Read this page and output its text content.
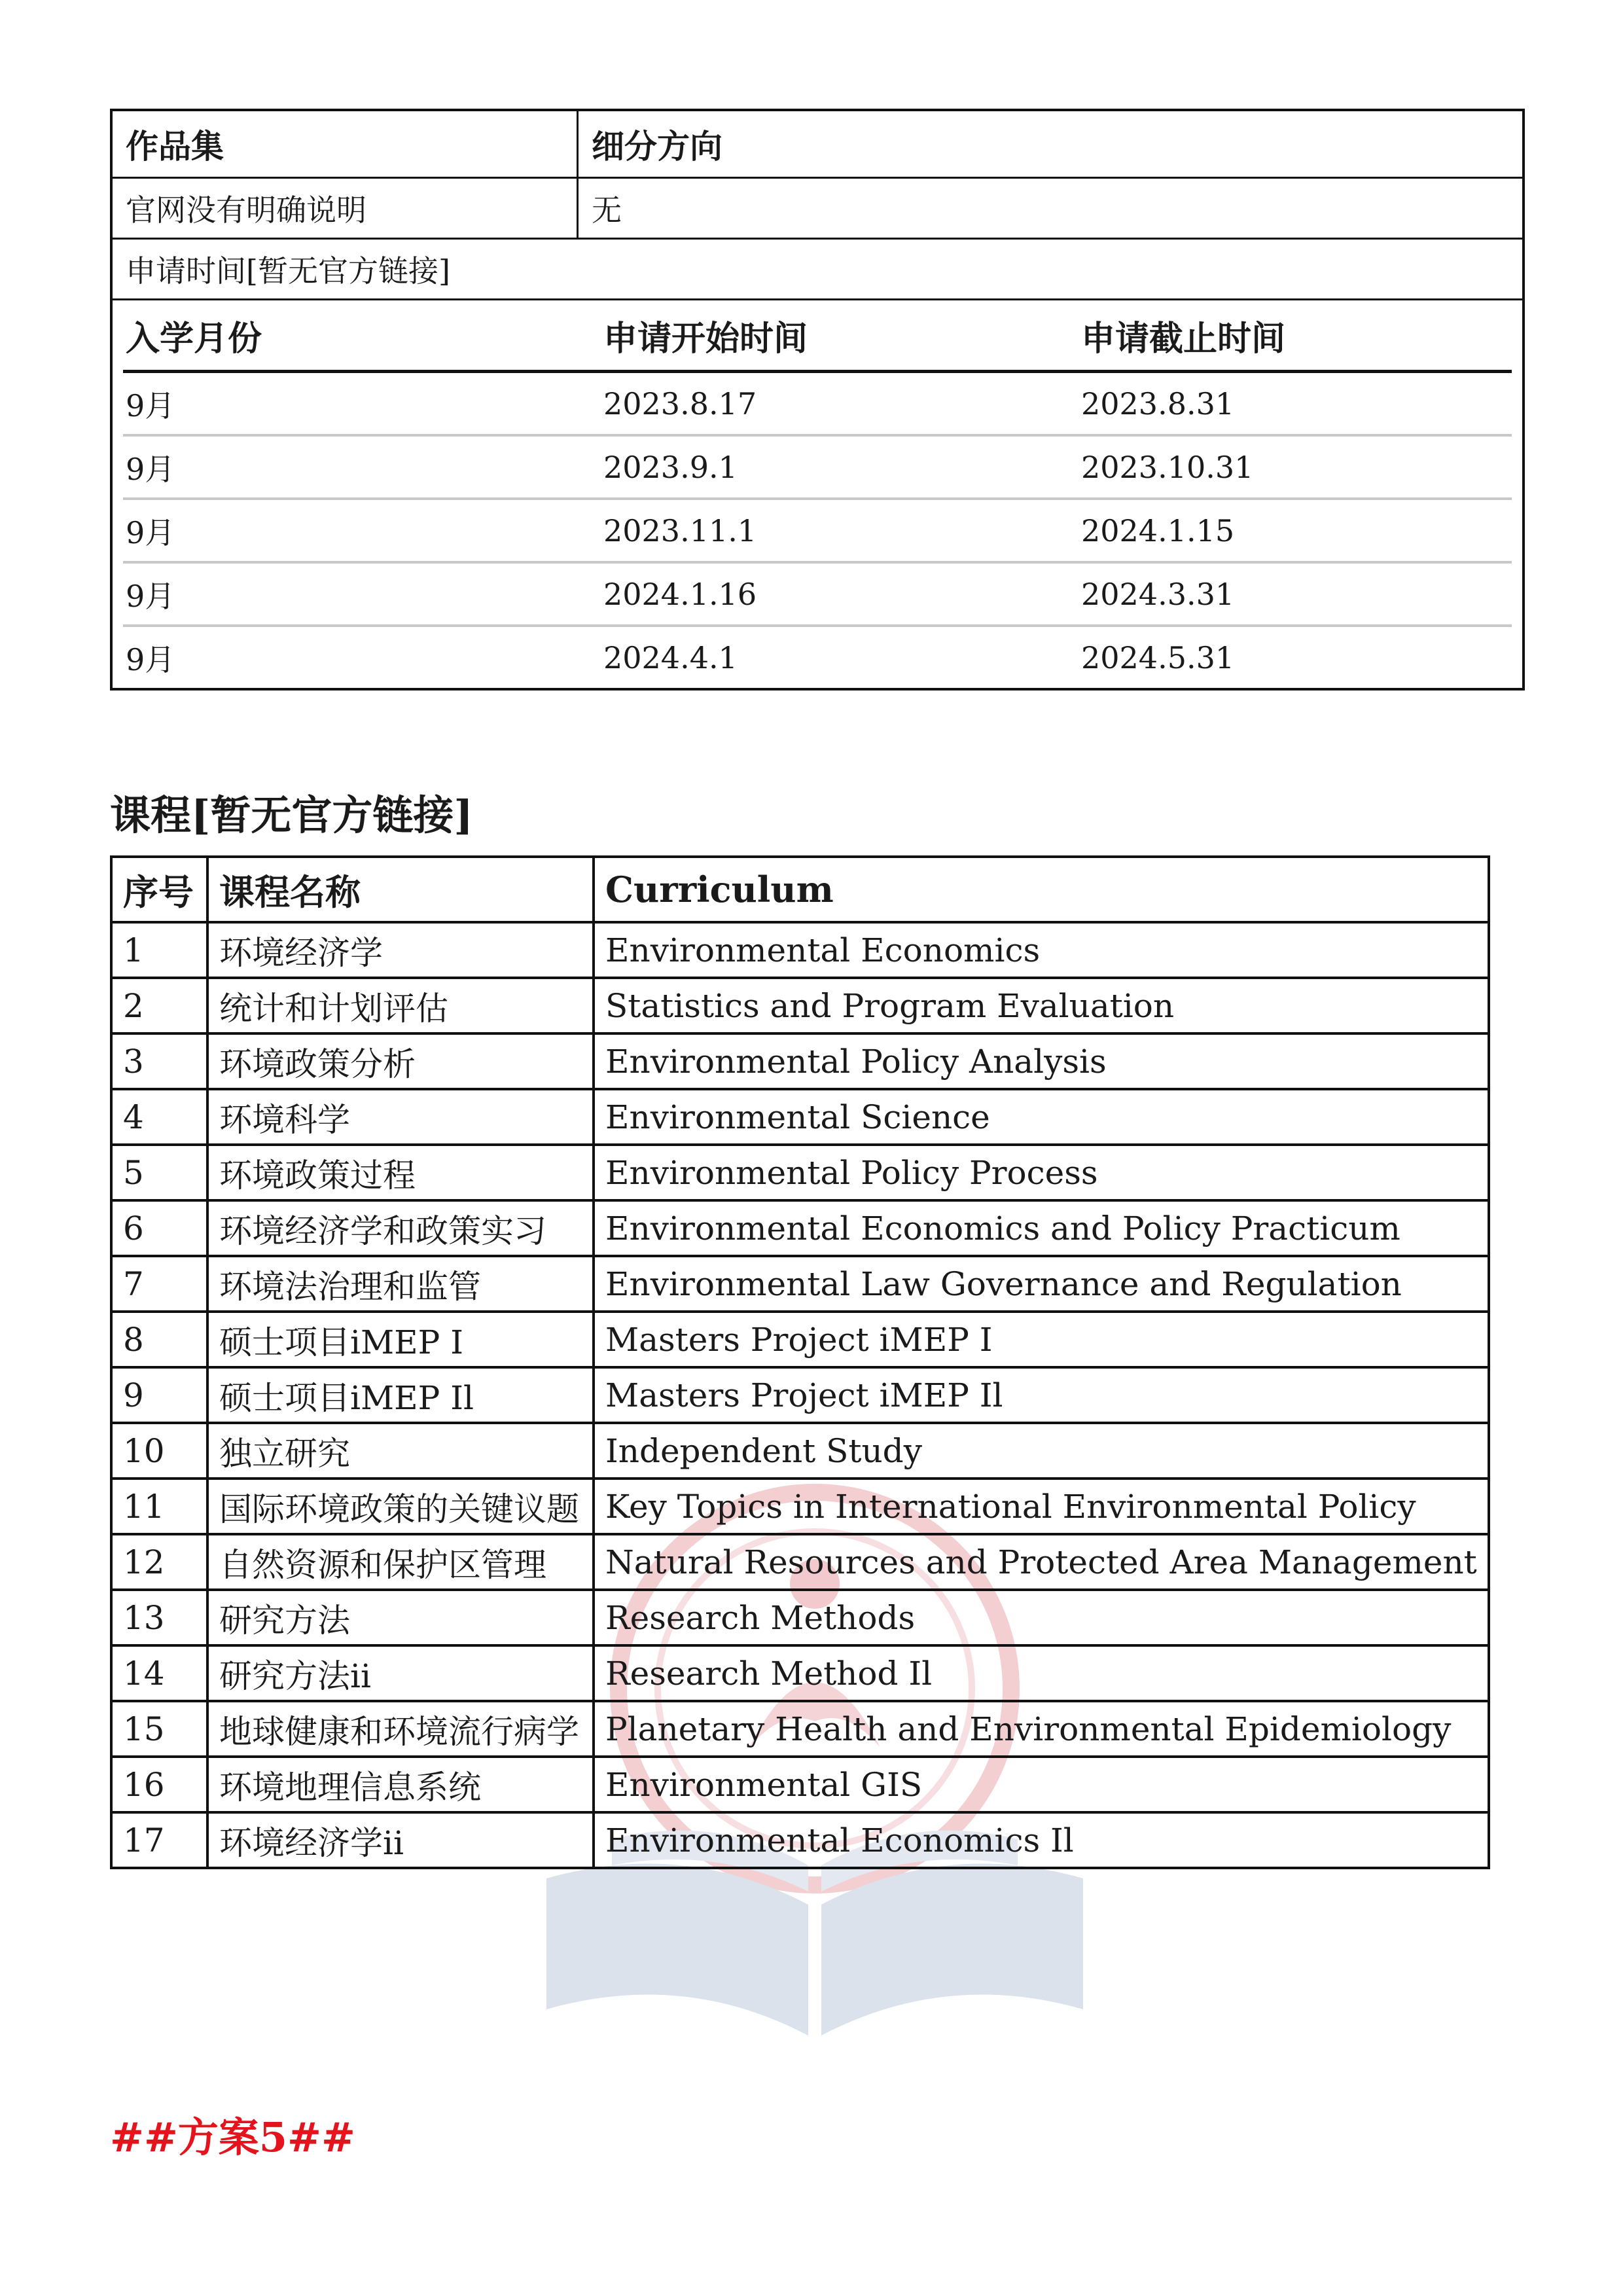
作品集	细分方向
官网没有明确说明	无
申请时间[暂无官方链接]
入学月份	申请开始时间	申请截止时间
9月	2023.8.17	2023.8.31
9月	2023.9.1	2023.10.31
9月	2023.11.1	2024.1.15
9月	2024.1.16	2024.3.31
9月	2024.4.1	2024.5.31
课程[暂无官方链接]
序号	课程名称	Curriculum
1	环境经济学	Environmental Economics
2	统计和计划评估	Statistics and Program Evaluation
3	环境政策分析	Environmental Policy Analysis
4	环境科学	Environmental Science
5	环境政策过程	Environmental Policy Process
6	环境经济学和政策实习	Environmental Economics and Policy Practicum
7	环境法治理和监管	Environmental Law Governance and Regulation
8	硕士项目iMEP I	Masters Project iMEP I
9	硕士项目iMEP Il	Masters Project iMEP Il
10	独立研究	Independent Study
11	国际环境政策的关键议题	Key Topics in International Environmental Policy
12	自然资源和保护区管理	Natural Resources and Protected Area Management
13	研究方法	Research Methods
14	研究方法ii	Research Method Il
15	地球健康和环境流行病学	Planetary Health and Environmental Epidemiology
16	环境地理信息系统	Environmental GIS
17	环境经济学ii	Environmental Economics Il
##方案5##
